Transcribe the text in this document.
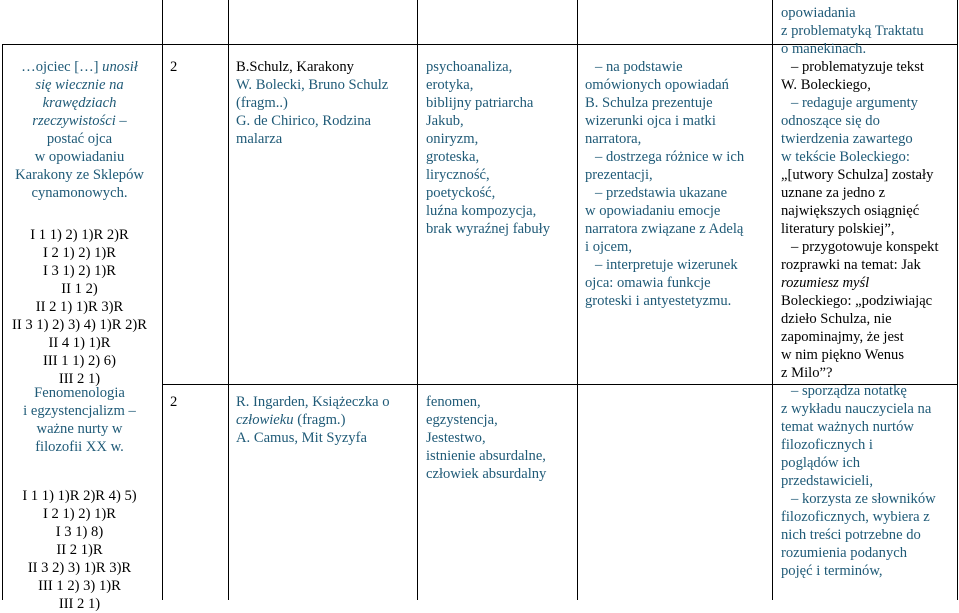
…ojciec […] unosił
się wiecznie na
krawędziach
rzeczywistości –
postać ojca
w opowiadaniu
Karakony ze Sklepów
cynamonowych.
I 1 1) 2) 1)R 2)R
I 2 1) 2) 1)R
I 3 1) 2) 1)R
II 1 2)
II 2 1) 1)R 3)R
II 3 1) 2) 3) 4) 1)R 2)R
II 4 1) 1)R
III 1 1) 2) 6)
III 2 1)
Fenomenologia
i egzystencjalizm –
ważne nurty w
filozofii XX w.
I 1 1) 1)R 2)R 4) 5)
I 2 1) 2) 1)R
I 3 1) 8)
II 2 1)R
II 3 2) 3) 1)R 3)R
III 1 2) 3) 1)R
III 2 1)
2
2
B.Schulz, Karakony
W. Bolecki, Bruno Schulz
(fragm..)
G. de Chirico, Rodzina
malarza
R. Ingarden, Książeczka o
człowieku (fragm.)
A. Camus, Mit Syzyfa
psychoanaliza,
erotyka,
biblijny patriarcha
Jakub,
oniryzm,
groteska,
liryczność,
poetyckość,
luźna kompozycja,
brak wyraźnej fabuły
fenomen,
egzystencja,
Jestestwo,
istnienie absurdalne,
człowiek absurdalny
– na podstawie
omówionych opowiadań
B. Schulza prezentuje
wizerunki ojca i matki
narratora,
– dostrzega różnice w ich
prezentacji,
– przedstawia ukazane
w opowiadaniu emocje
narratora związane z Adelą
i ojcem,
– interpretuje wizerunek
ojca: omawia funkcje
groteski i antyestetyzmu.
opowiadania
z problematyką Traktatu
o manekinach.
– problematyzuje tekst
W. Boleckiego,
– redaguje argumenty
odnoszące się do
twierdzenia zawartego
w tekście Boleckiego:
„[utwory Schulza] zostały
uznane za jedno z
największych osiągnięć
literatury polskiej”,
– przygotowuje konspekt
rozprawki na temat: Jak
rozumiesz myśl
Boleckiego: „podziwiając
dzieło Schulza, nie
zapominajmy, że jest
w nim piękno Wenus
z Milo”?
– sporządza notatkę
z wykładu nauczyciela na
temat ważnych nurtów
filozoficznych i
poglądów ich
przedstawicieli,
– korzysta ze słowników
filozoficznych, wybiera z
nich treści potrzebne do
rozumienia podanych
pojęć i terminów,
